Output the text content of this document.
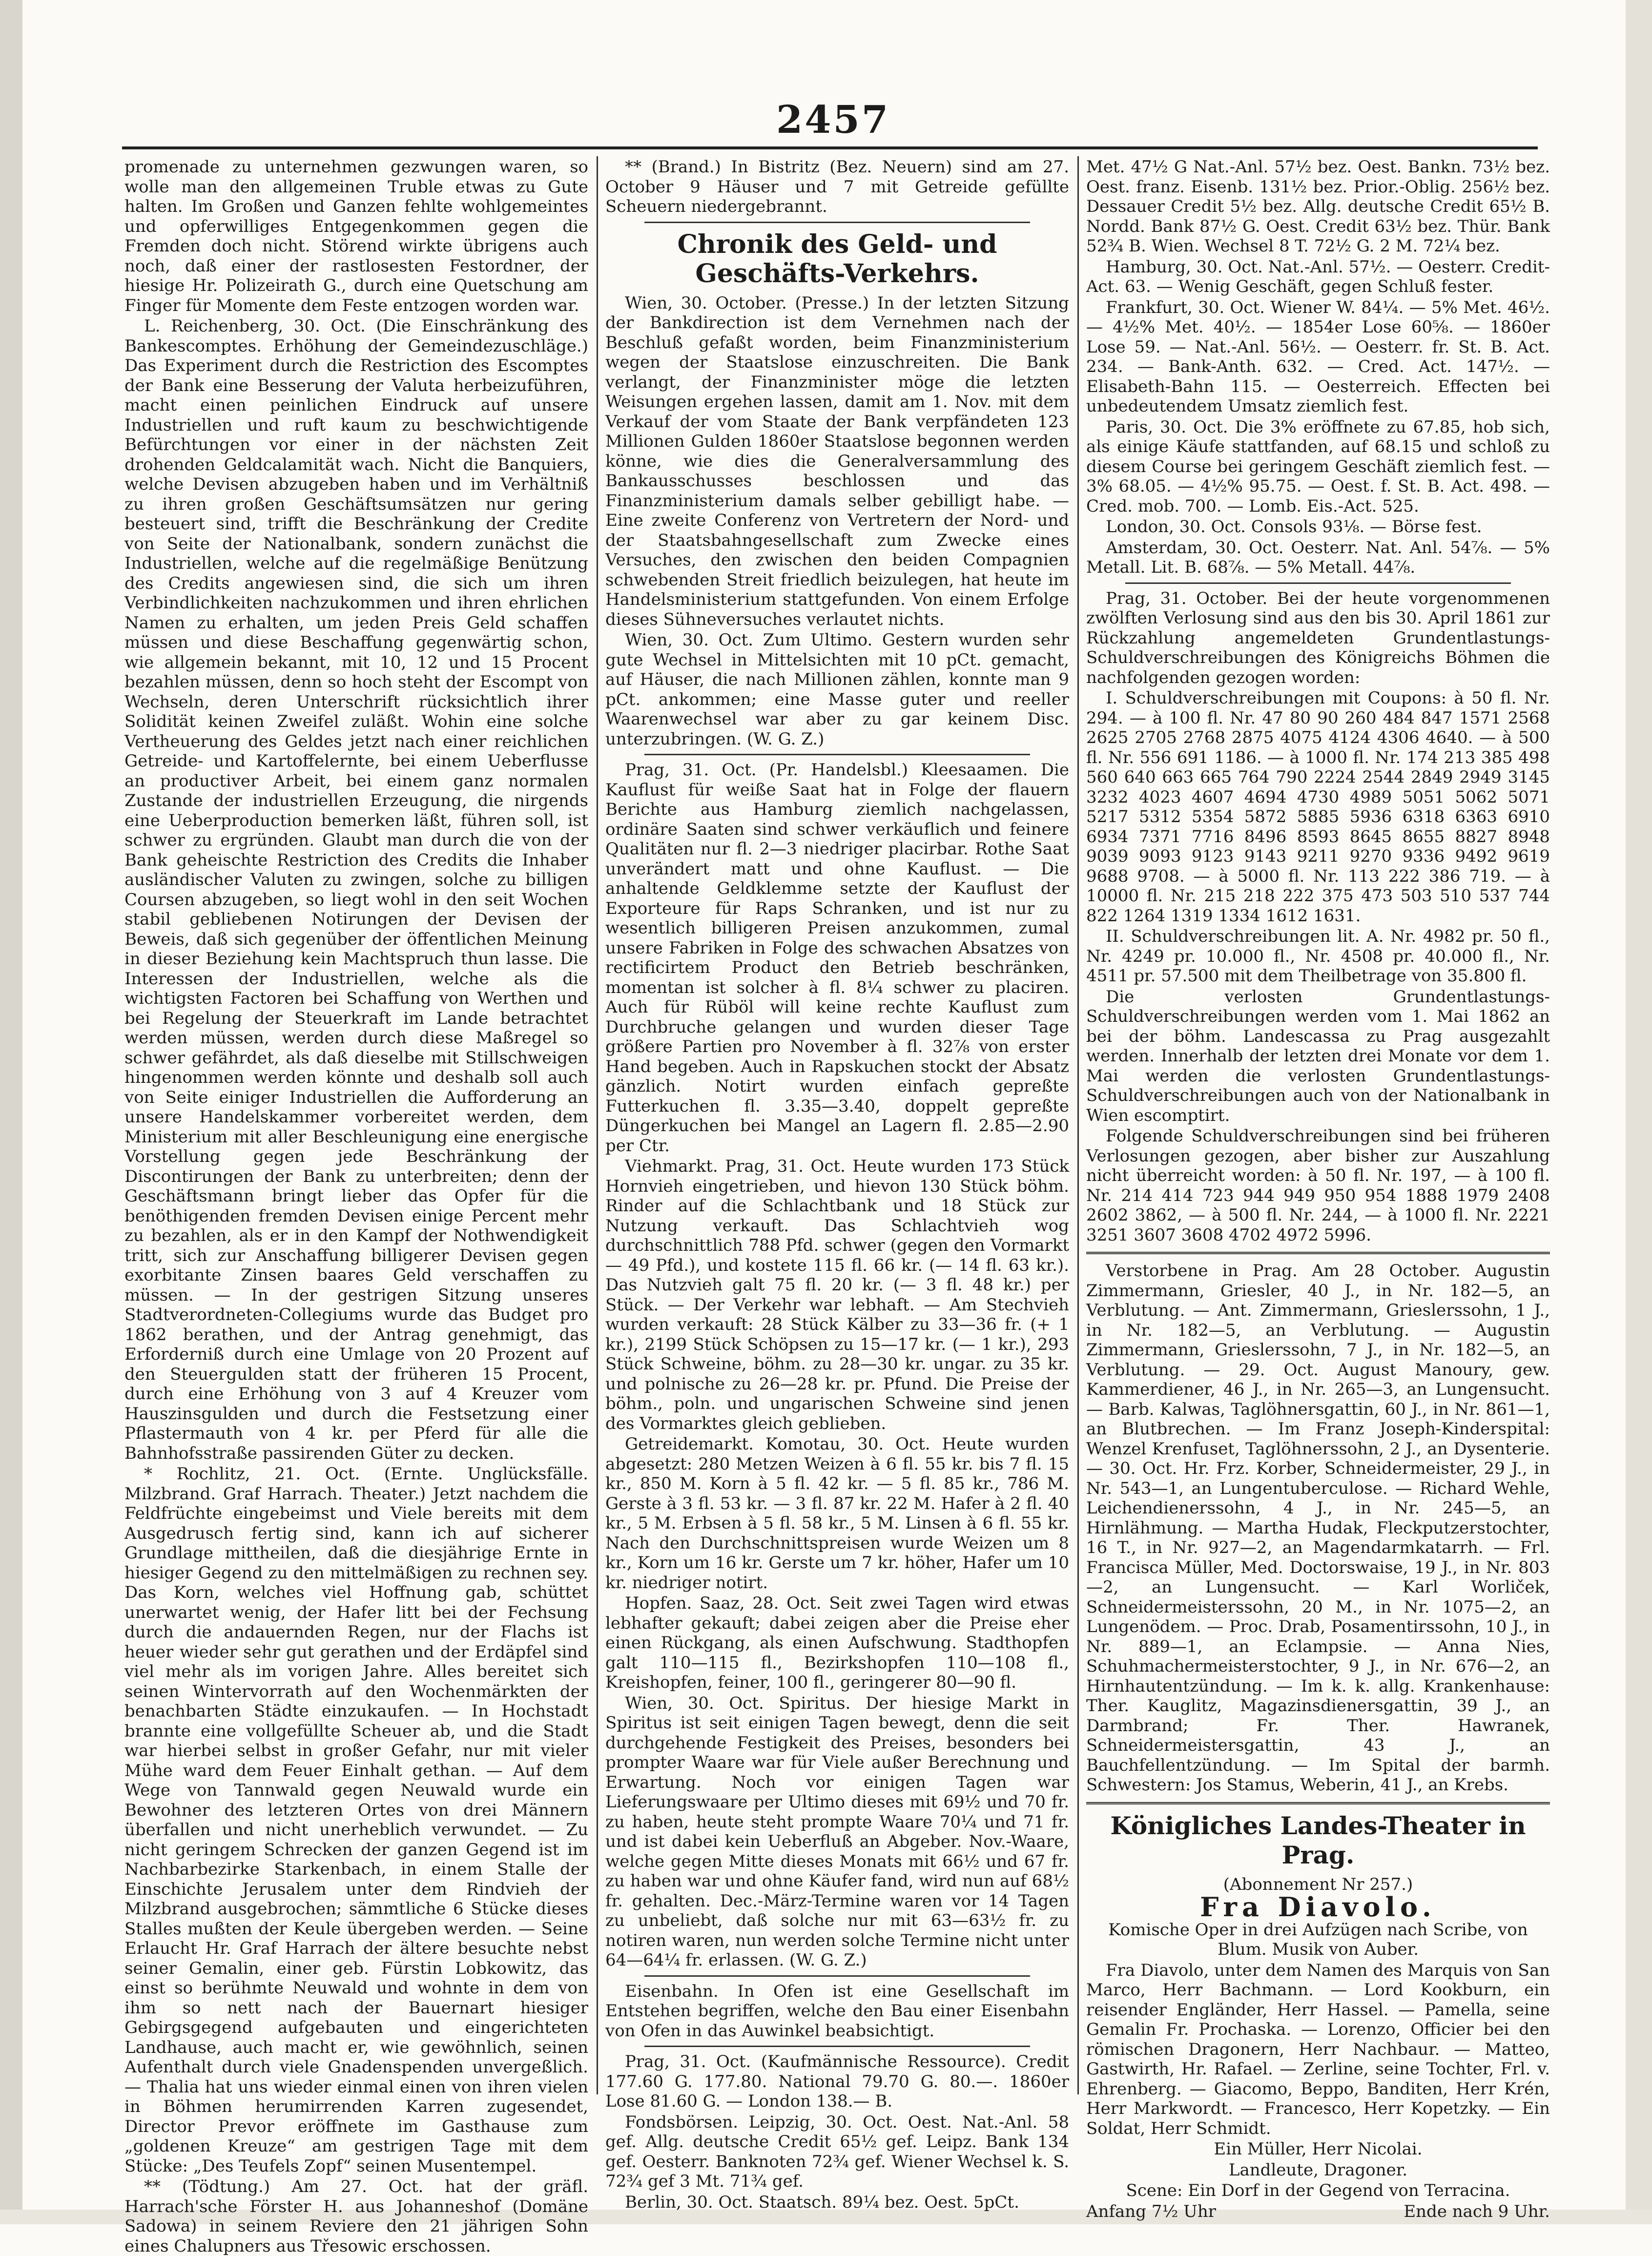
2457

promenade zu unternehmen gezwungen waren, so wolle man den allgemeinen Truble etwas zu Gute halten. Im Großen und Ganzen fehlte wohlgemeintes und opferwilliges Entgegenkommen gegen die Fremden doch nicht. Störend wirkte übrigens auch noch, daß einer der rastlosesten Festordner, der hiesige Hr. Polizeirath G., durch eine Quetschung am Finger für Momente dem Feste entzogen worden war.

L. Reichenberg, 30. Oct. (Die Einschränkung des Bankescomptes. Erhöhung der Gemeindezuschläge.) Das Experiment durch die Restriction des Escomptes der Bank eine Besserung der Valuta herbeizuführen, macht einen peinlichen Eindruck auf unsere Industriellen und ruft kaum zu beschwichtigende Befürchtungen vor einer in der nächsten Zeit drohenden Geldcalamität wach. Nicht die Banquiers, welche Devisen abzugeben haben und im Verhältniß zu ihren großen Geschäftsumsätzen nur gering besteuert sind, trifft die Beschränkung der Credite von Seite der Nationalbank, sondern zunächst die Industriellen, welche auf die regelmäßige Benützung des Credits angewiesen sind, die sich um ihren Verbindlichkeiten nachzukommen und ihren ehrlichen Namen zu erhalten, um jeden Preis Geld schaffen müssen und diese Beschaffung gegenwärtig schon, wie allgemein bekannt, mit 10, 12 und 15 Procent bezahlen müssen, denn so hoch steht der Escompt von Wechseln, deren Unterschrift rücksichtlich ihrer Solidität keinen Zweifel zuläßt. Wohin eine solche Vertheuerung des Geldes jetzt nach einer reichlichen Getreide- und Kartoffelernte, bei einem Ueberflusse an productiver Arbeit, bei einem ganz normalen Zustande der industriellen Erzeugung, die nirgends eine Ueberproduction bemerken läßt, führen soll, ist schwer zu ergründen. Glaubt man durch die von der Bank geheischte Restriction des Credits die Inhaber ausländischer Valuten zu zwingen, solche zu billigen Coursen abzugeben, so liegt wohl in den seit Wochen stabil gebliebenen Notirungen der Devisen der Beweis, daß sich gegenüber der öffentlichen Meinung in dieser Beziehung kein Machtspruch thun lasse. Die Interessen der Industriellen, welche als die wichtigsten Factoren bei Schaffung von Werthen und bei Regelung der Steuerkraft im Lande betrachtet werden müssen, werden durch diese Maßregel so schwer gefährdet, als daß dieselbe mit Stillschweigen hingenommen werden könnte und deshalb soll auch von Seite einiger Industriellen die Aufforderung an unsere Handelskammer vorbereitet werden, dem Ministerium mit aller Beschleunigung eine energische Vorstellung gegen jede Beschränkung der Discontirungen der Bank zu unterbreiten; denn der Geschäftsmann bringt lieber das Opfer für die benöthigenden fremden Devisen einige Percent mehr zu bezahlen, als er in den Kampf der Nothwendigkeit tritt, sich zur Anschaffung billigerer Devisen gegen exorbitante Zinsen baares Geld verschaffen zu müssen. — In der gestrigen Sitzung unseres Stadtverordneten-Collegiums wurde das Budget pro 1862 berathen, und der Antrag genehmigt, das Erforderniß durch eine Umlage von 20 Prozent auf den Steuergulden statt der früheren 15 Procent, durch eine Erhöhung von 3 auf 4 Kreuzer vom Hauszinsgulden und durch die Festsetzung einer Pflastermauth von 4 kr. per Pferd für alle die Bahnhofsstraße passirenden Güter zu decken.

* Rochlitz, 21. Oct. (Ernte. Unglücksfälle. Milzbrand. Graf Harrach. Theater.) Jetzt nachdem die Feldfrüchte eingebeimst und Viele bereits mit dem Ausgedrusch fertig sind, kann ich auf sicherer Grundlage mittheilen, daß die diesjährige Ernte in hiesiger Gegend zu den mittelmäßigen zu rechnen sey. Das Korn, welches viel Hoffnung gab, schüttet unerwartet wenig, der Hafer litt bei der Fechsung durch die andauernden Regen, nur der Flachs ist heuer wieder sehr gut gerathen und der Erdäpfel sind viel mehr als im vorigen Jahre. Alles bereitet sich seinen Wintervorrath auf den Wochenmärkten der benachbarten Städte einzukaufen. — In Hochstadt brannte eine vollgefüllte Scheuer ab, und die Stadt war hierbei selbst in großer Gefahr, nur mit vieler Mühe ward dem Feuer Einhalt gethan. — Auf dem Wege von Tannwald gegen Neuwald wurde ein Bewohner des letzteren Ortes von drei Männern überfallen und nicht unerheblich verwundet. — Zu nicht geringem Schrecken der ganzen Gegend ist im Nachbarbezirke Starkenbach, in einem Stalle der Einschichte Jerusalem unter dem Rindvieh der Milzbrand ausgebrochen; sämmtliche 6 Stücke dieses Stalles mußten der Keule übergeben werden. — Seine Erlaucht Hr. Graf Harrach der ältere besuchte nebst seiner Gemalin, einer geb. Fürstin Lobkowitz, das einst so berühmte Neuwald und wohnte in dem von ihm so nett nach der Bauernart hiesiger Gebirgsgegend aufgebauten und eingerichteten Landhause, auch macht er, wie gewöhnlich, seinen Aufenthalt durch viele Gnadenspenden unvergeßlich. — Thalia hat uns wieder einmal einen von ihren vielen in Böhmen herumirrenden Karren zugesendet, Director Prevor eröffnete im Gasthause zum „goldenen Kreuze“ am gestrigen Tage mit dem Stücke: „Des Teufels Zopf“ seinen Musentempel.

** (Tödtung.) Am 27. Oct. hat der gräfl. Harrach'sche Förster H. aus Johanneshof (Domäne Sadowa) in seinem Reviere den 21 jährigen Sohn eines Chalupners aus Třesowic erschossen.

** (Brand.) In Bistritz (Bez. Neuern) sind am 27. October 9 Häuser und 7 mit Getreide gefüllte Scheuern niedergebrannt.

Chronik des Geld- und Geschäfts-Verkehrs.

Wien, 30. October. (Presse.) In der letzten Sitzung der Bankdirection ist dem Vernehmen nach der Beschluß gefaßt worden, beim Finanzministerium wegen der Staatslose einzuschreiten. Die Bank verlangt, der Finanzminister möge die letzten Weisungen ergehen lassen, damit am 1. Nov. mit dem Verkauf der vom Staate der Bank verpfändeten 123 Millionen Gulden 1860er Staatslose begonnen werden könne, wie dies die Generalversammlung des Bankausschusses beschlossen und das Finanzministerium damals selber gebilligt habe. — Eine zweite Conferenz von Vertretern der Nord- und der Staatsbahngesellschaft zum Zwecke eines Versuches, den zwischen den beiden Compagnien schwebenden Streit friedlich beizulegen, hat heute im Handelsministerium stattgefunden. Von einem Erfolge dieses Sühneversuches verlautet nichts.

Wien, 30. Oct. Zum Ultimo. Gestern wurden sehr gute Wechsel in Mittelsichten mit 10 pCt. gemacht, auf Häuser, die nach Millionen zählen, konnte man 9 pCt. ankommen; eine Masse guter und reeller Waarenwechsel war aber zu gar keinem Disc. unterzubringen. (W. G. Z.)

Prag, 31. Oct. (Pr. Handelsbl.) Kleesaamen. Die Kauflust für weiße Saat hat in Folge der flauern Berichte aus Hamburg ziemlich nachgelassen, ordinäre Saaten sind schwer verkäuflich und feinere Qualitäten nur fl. 2—3 niedriger placirbar. Rothe Saat unverändert matt und ohne Kauflust. — Die anhaltende Geldklemme setzte der Kauflust der Exporteure für Raps Schranken, und ist nur zu wesentlich billigeren Preisen anzukommen, zumal unsere Fabriken in Folge des schwachen Absatzes von rectificirtem Product den Betrieb beschränken, momentan ist solcher à fl. 8¼ schwer zu placiren. Auch für Rüböl will keine rechte Kauflust zum Durchbruche gelangen und wurden dieser Tage größere Partien pro November à fl. 32⅞ von erster Hand begeben. Auch in Rapskuchen stockt der Absatz gänzlich. Notirt wurden einfach gepreßte Futterkuchen fl. 3.35—3.40, doppelt gepreßte Düngerkuchen bei Mangel an Lagern fl. 2.85—2.90 per Ctr.

Viehmarkt. Prag, 31. Oct. Heute wurden 173 Stück Hornvieh eingetrieben, und hievon 130 Stück böhm. Rinder auf die Schlachtbank und 18 Stück zur Nutzung verkauft. Das Schlachtvieh wog durchschnittlich 788 Pfd. schwer (gegen den Vormarkt — 49 Pfd.), und kostete 115 fl. 66 kr. (— 14 fl. 63 kr.). Das Nutzvieh galt 75 fl. 20 kr. (— 3 fl. 48 kr.) per Stück. — Der Verkehr war lebhaft. — Am Stechvieh wurden verkauft: 28 Stück Kälber zu 33—36 fr. (+ 1 kr.), 2199 Stück Schöpsen zu 15—17 kr. (— 1 kr.), 293 Stück Schweine, böhm. zu 28—30 kr. ungar. zu 35 kr. und polnische zu 26—28 kr. pr. Pfund. Die Preise der böhm., poln. und ungarischen Schweine sind jenen des Vormarktes gleich geblieben.

Getreidemarkt. Komotau, 30. Oct. Heute wurden abgesetzt: 280 Metzen Weizen à 6 fl. 55 kr. bis 7 fl. 15 kr., 850 M. Korn à 5 fl. 42 kr. — 5 fl. 85 kr., 786 M. Gerste à 3 fl. 53 kr. — 3 fl. 87 kr. 22 M. Hafer à 2 fl. 40 kr., 5 M. Erbsen à 5 fl. 58 kr., 5 M. Linsen à 6 fl. 55 kr. Nach den Durchschnittspreisen wurde Weizen um 8 kr., Korn um 16 kr. Gerste um 7 kr. höher, Hafer um 10 kr. niedriger notirt.

Hopfen. Saaz, 28. Oct. Seit zwei Tagen wird etwas lebhafter gekauft; dabei zeigen aber die Preise eher einen Rückgang, als einen Aufschwung. Stadthopfen galt 110—115 fl., Bezirkshopfen 110—108 fl., Kreishopfen, feiner, 100 fl., geringerer 80—90 fl.

Wien, 30. Oct. Spiritus. Der hiesige Markt in Spiritus ist seit einigen Tagen bewegt, denn die seit durchgehende Festigkeit des Preises, besonders bei prompter Waare war für Viele außer Berechnung und Erwartung. Noch vor einigen Tagen war Lieferungswaare per Ultimo dieses mit 69½ und 70 fr. zu haben, heute steht prompte Waare 70¼ und 71 fr. und ist dabei kein Ueberfluß an Abgeber. Nov.-Waare, welche gegen Mitte dieses Monats mit 66½ und 67 fr. zu haben war und ohne Käufer fand, wird nun auf 68½ fr. gehalten. Dec.-März-Termine waren vor 14 Tagen zu unbeliebt, daß solche nur mit 63—63½ fr. zu notiren waren, nun werden solche Termine nicht unter 64—64¼ fr. erlassen. (W. G. Z.)

Eisenbahn. In Ofen ist eine Gesellschaft im Entstehen begriffen, welche den Bau einer Eisenbahn von Ofen in das Auwinkel beabsichtigt.

Prag, 31. Oct. (Kaufmännische Ressource). Credit 177.60 G. 177.80. National 79.70 G. 80.—. 1860er Lose 81.60 G. — London 138.— B.

Fondsbörsen. Leipzig, 30. Oct. Oest. Nat.-Anl. 58 gef. Allg. deutsche Credit 65½ gef. Leipz. Bank 134 gef. Oesterr. Banknoten 72¾ gef. Wiener Wechsel k. S. 72¾ gef 3 Mt. 71¾ gef.

Berlin, 30. Oct. Staatsch. 89¼ bez. Oest. 5pCt.

Met. 47½ G Nat.-Anl. 57½ bez. Oest. Bankn. 73½ bez. Oest. franz. Eisenb. 131½ bez. Prior.-Oblig. 256½ bez. Dessauer Credit 5½ bez. Allg. deutsche Credit 65½ B. Nordd. Bank 87½ G. Oest. Credit 63½ bez. Thür. Bank 52¾ B. Wien. Wechsel 8 T. 72½ G. 2 M. 72¼ bez.

Hamburg, 30. Oct. Nat.-Anl. 57½. — Oesterr. Credit-Act. 63. — Wenig Geschäft, gegen Schluß fester.

Frankfurt, 30. Oct. Wiener W. 84¼. — 5% Met. 46½. — 4½% Met. 40½. — 1854er Lose 60⅝. — 1860er Lose 59. — Nat.-Anl. 56½. — Oesterr. fr. St. B. Act. 234. — Bank-Anth. 632. — Cred. Act. 147½. — Elisabeth-Bahn 115. — Oesterreich. Effecten bei unbedeutendem Umsatz ziemlich fest.

Paris, 30. Oct. Die 3% eröffnete zu 67.85, hob sich, als einige Käufe stattfanden, auf 68.15 und schloß zu diesem Course bei geringem Geschäft ziemlich fest. — 3% 68.05. — 4½% 95.75. — Oest. f. St. B. Act. 498. — Cred. mob. 700. — Lomb. Eis.-Act. 525.

London, 30. Oct. Consols 93⅛. — Börse fest.

Amsterdam, 30. Oct. Oesterr. Nat. Anl. 54⅞. — 5% Metall. Lit. B. 68⅞. — 5% Metall. 44⅞.

Prag, 31. October. Bei der heute vorgenommenen zwölften Verlosung sind aus den bis 30. April 1861 zur Rückzahlung angemeldeten Grundentlastungs-Schuldverschreibungen des Königreichs Böhmen die nachfolgenden gezogen worden:

I. Schuldverschreibungen mit Coupons: à 50 fl. Nr. 294. — à 100 fl. Nr. 47 80 90 260 484 847 1571 2568 2625 2705 2768 2875 4075 4124 4306 4640. — à 500 fl. Nr. 556 691 1186. — à 1000 fl. Nr. 174 213 385 498 560 640 663 665 764 790 2224 2544 2849 2949 3145 3232 4023 4607 4694 4730 4989 5051 5062 5071 5217 5312 5354 5872 5885 5936 6318 6363 6910 6934 7371 7716 8496 8593 8645 8655 8827 8948 9039 9093 9123 9143 9211 9270 9336 9492 9619 9688 9708. — à 5000 fl. Nr. 113 222 386 719. — à 10000 fl. Nr. 215 218 222 375 473 503 510 537 744 822 1264 1319 1334 1612 1631.

II. Schuldverschreibungen lit. A. Nr. 4982 pr. 50 fl., Nr. 4249 pr. 10.000 fl., Nr. 4508 pr. 40.000 fl., Nr. 4511 pr. 57.500 mit dem Theilbetrage von 35.800 fl.

Die verlosten Grundentlastungs-Schuldverschreibungen werden vom 1. Mai 1862 an bei der böhm. Landescassa zu Prag ausgezahlt werden. Innerhalb der letzten drei Monate vor dem 1. Mai werden die verlosten Grundentlastungs-Schuldverschreibungen auch von der Nationalbank in Wien escomptirt.

Folgende Schuldverschreibungen sind bei früheren Verlosungen gezogen, aber bisher zur Auszahlung nicht überreicht worden: à 50 fl. Nr. 197, — à 100 fl. Nr. 214 414 723 944 949 950 954 1888 1979 2408 2602 3862, — à 500 fl. Nr. 244, — à 1000 fl. Nr. 2221 3251 3607 3608 4702 4972 5996.

Verstorbene in Prag. Am 28 October. Augustin Zimmermann, Griesler, 40 J., in Nr. 182—5, an Verblutung. — Ant. Zimmermann, Grieslerssohn, 1 J., in Nr. 182—5, an Verblutung. — Augustin Zimmermann, Grieslerssohn, 7 J., in Nr. 182—5, an Verblutung. — 29. Oct. August Manoury, gew. Kammerdiener, 46 J., in Nr. 265—3, an Lungensucht. — Barb. Kalwas, Taglöhnersgattin, 60 J., in Nr. 861—1, an Blutbrechen. — Im Franz Joseph-Kinderspital: Wenzel Krenfuset, Taglöhnerssohn, 2 J., an Dysenterie. — 30. Oct. Hr. Frz. Korber, Schneidermeister, 29 J., in Nr. 543—1, an Lungentuberculose. — Richard Wehle, Leichendienerssohn, 4 J., in Nr. 245—5, an Hirnlähmung. — Martha Hudak, Fleckputzerstochter, 16 T., in Nr. 927—2, an Magendarmkatarrh. — Frl. Francisca Müller, Med. Doctorswaise, 19 J., in Nr. 803—2, an Lungensucht. — Karl Worliček, Schneidermeisterssohn, 20 M., in Nr. 1075—2, an Lungenödem. — Proc. Drab, Posamentirssohn, 10 J., in Nr. 889—1, an Eclampsie. — Anna Nies, Schuhmachermeisterstochter, 9 J., in Nr. 676—2, an Hirnhautentzündung. — Im k. k. allg. Krankenhause: Ther. Kauglitz, Magazinsdienersgattin, 39 J., an Darmbrand; Fr. Ther. Hawranek, Schneidermeistersgattin, 43 J., an Bauchfellentzündung. — Im Spital der barmh. Schwestern: Jos Stamus, Weberin, 41 J., an Krebs.

Königliches Landes-Theater in Prag.

(Abonnement Nr 257.)

Fra Diavolo.

Komische Oper in drei Aufzügen nach Scribe, von Blum. Musik von Auber.

Fra Diavolo, unter dem Namen des Marquis von San Marco, Herr Bachmann. — Lord Kookburn, ein reisender Engländer, Herr Hassel. — Pamella, seine Gemalin Fr. Prochaska. — Lorenzo, Officier bei den römischen Dragonern, Herr Nachbaur. — Matteo, Gastwirth, Hr. Rafael. — Zerline, seine Tochter, Frl. v. Ehrenberg. — Giacomo, Beppo, Banditen, Herr Krén, Herr Markwordt. — Francesco, Herr Kopetzky. — Ein Soldat, Herr Schmidt.

Ein Müller, Herr Nicolai.

Landleute, Dragoner.

Scene: Ein Dorf in der Gegend von Terracina.

Anfang 7½ Uhr	Ende nach 9 Uhr.
